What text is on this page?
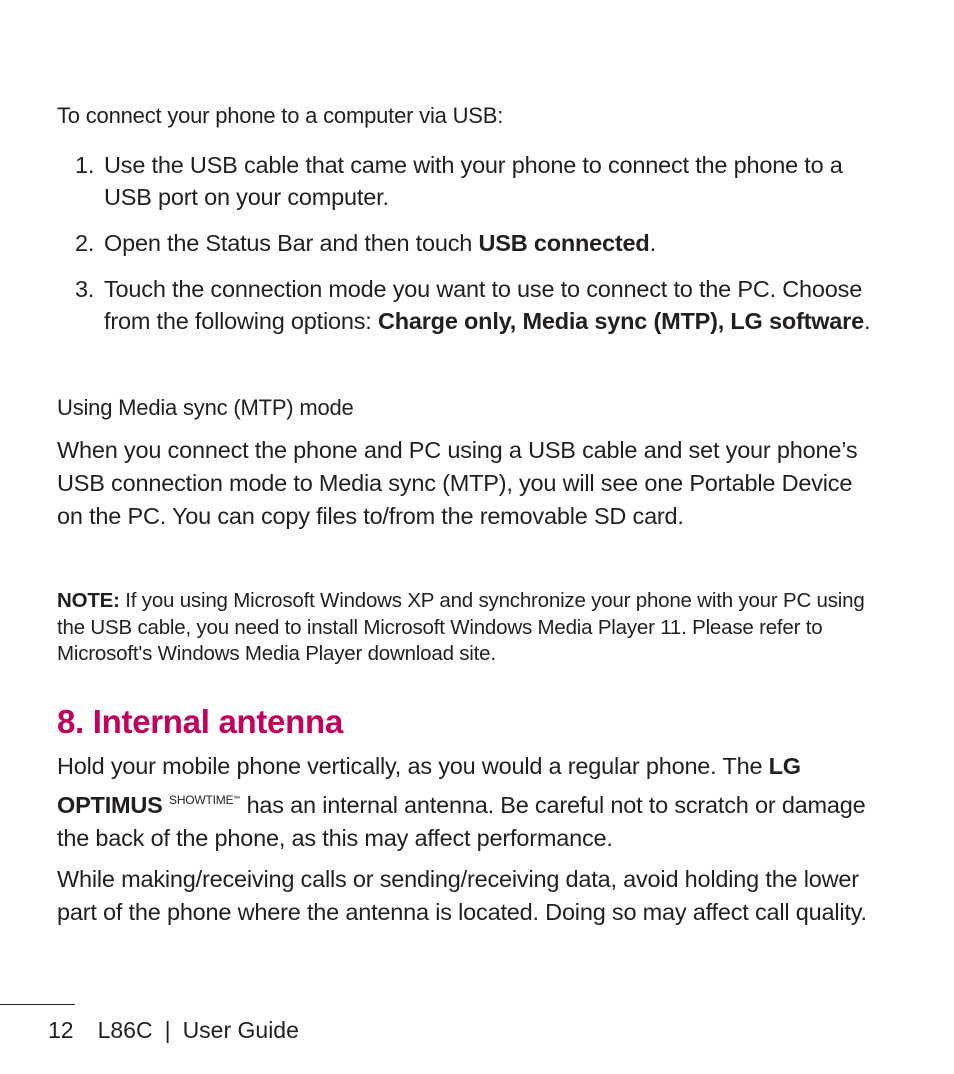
To connect your phone to a computer via USB:
1. Use the USB cable that came with your phone to connect the phone to a USB port on your computer.
2. Open the Status Bar and then touch USB connected.
3. Touch the connection mode you want to use to connect to the PC. Choose from the following options: Charge only, Media sync (MTP), LG software.
Using Media sync (MTP) mode

When you connect the phone and PC using a USB cable and set your phone’s USB connection mode to Media sync (MTP), you will see one Portable Device on the PC. You can copy files to/from the removable SD card.

NOTE: If you using Microsoft Windows XP and synchronize your phone with your PC using the USB cable, you need to install Microsoft Windows Media Player 11. Please refer to Microsoft's Windows Media Player download site.

8. Internal antenna

Hold your mobile phone vertically, as you would a regular phone. The LG OPTIMUS $^{SHOWTIME™}$ has an internal antenna. Be careful not to scratch or damage the back of the phone, as this may affect performance.

While making/receiving calls or sending/receiving data, avoid holding the lower part of the phone where the antenna is located. Doing so may affect call quality.

12 L86C | User Guide
